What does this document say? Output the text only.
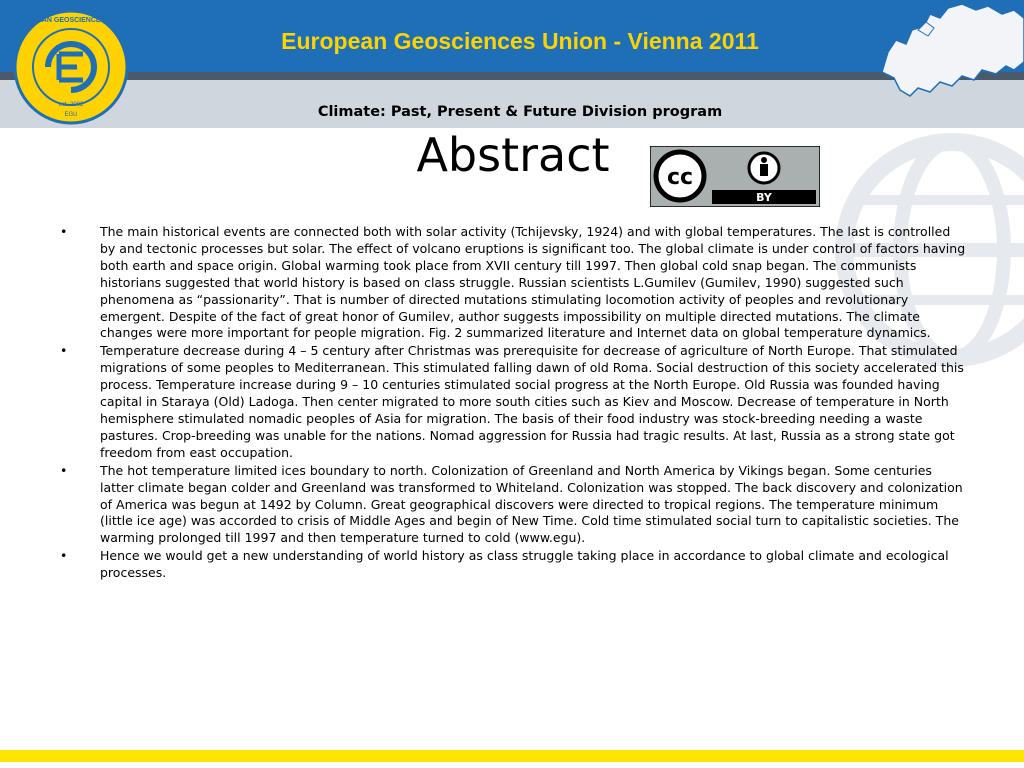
EGU
EUROPEAN GEOSCIENCES UNION
est. 2002
European Geosciences Union - Vienna 2011
Climate: Past, Present & Future Division program
Abstract	cc
BY
•	The main historical events are connected both with solar activity (Tchijevsky, 1924) and with global temperatures. The last is controlled by and tectonic processes but solar. The effect of volcano eruptions is significant too. The global climate is under control of factors having both earth and space origin. Global warming took place from XVII century till 1997. Then global cold snap began. The communists historians suggested that world history is based on class struggle. Russian scientists L.Gumilev (Gumilev, 1990) suggested such phenomena as “passionarity”. That is number of directed mutations stimulating locomotion activity of peoples and revolutionary emergent. Despite of the fact of great honor of Gumilev, author suggests impossibility on multiple directed mutations. The climate changes were more important for people migration. Fig. 2 summarized literature and Internet data on global temperature dynamics.
•	Temperature decrease during 4 – 5 century after Christmas was prerequisite for decrease of agriculture of North Europe. That stimulated migrations of some peoples to Mediterranean. This stimulated falling dawn of old Roma. Social destruction of this society accelerated this process. Temperature increase during 9 – 10 centuries stimulated social progress at the North Europe. Old Russia was founded having capital in Staraya (Old) Ladoga. Then center migrated to more south cities such as Kiev and Moscow. Decrease of temperature in North hemisphere stimulated nomadic peoples of Asia for migration. The basis of their food industry was stock-breeding needing a waste pastures. Crop-breeding was unable for the nations. Nomad aggression for Russia had tragic results. At last, Russia as a strong state got freedom from east occupation.
•	The hot temperature limited ices boundary to north. Colonization of Greenland and North America by Vikings began. Some centuries latter climate began colder and Greenland was transformed to Whiteland. Colonization was stopped. The back discovery and colonization of America was begun at 1492 by Column. Great geographical discovers were directed to tropical regions. The temperature minimum (little ice age) was accorded to crisis of Middle Ages and begin of New Time. Cold time stimulated social turn to capitalistic societies. The warming prolonged till 1997 and then temperature turned to cold (www.egu).
•	Hence we would get a new understanding of world history as class struggle taking place in accordance to global climate and ecological processes.
